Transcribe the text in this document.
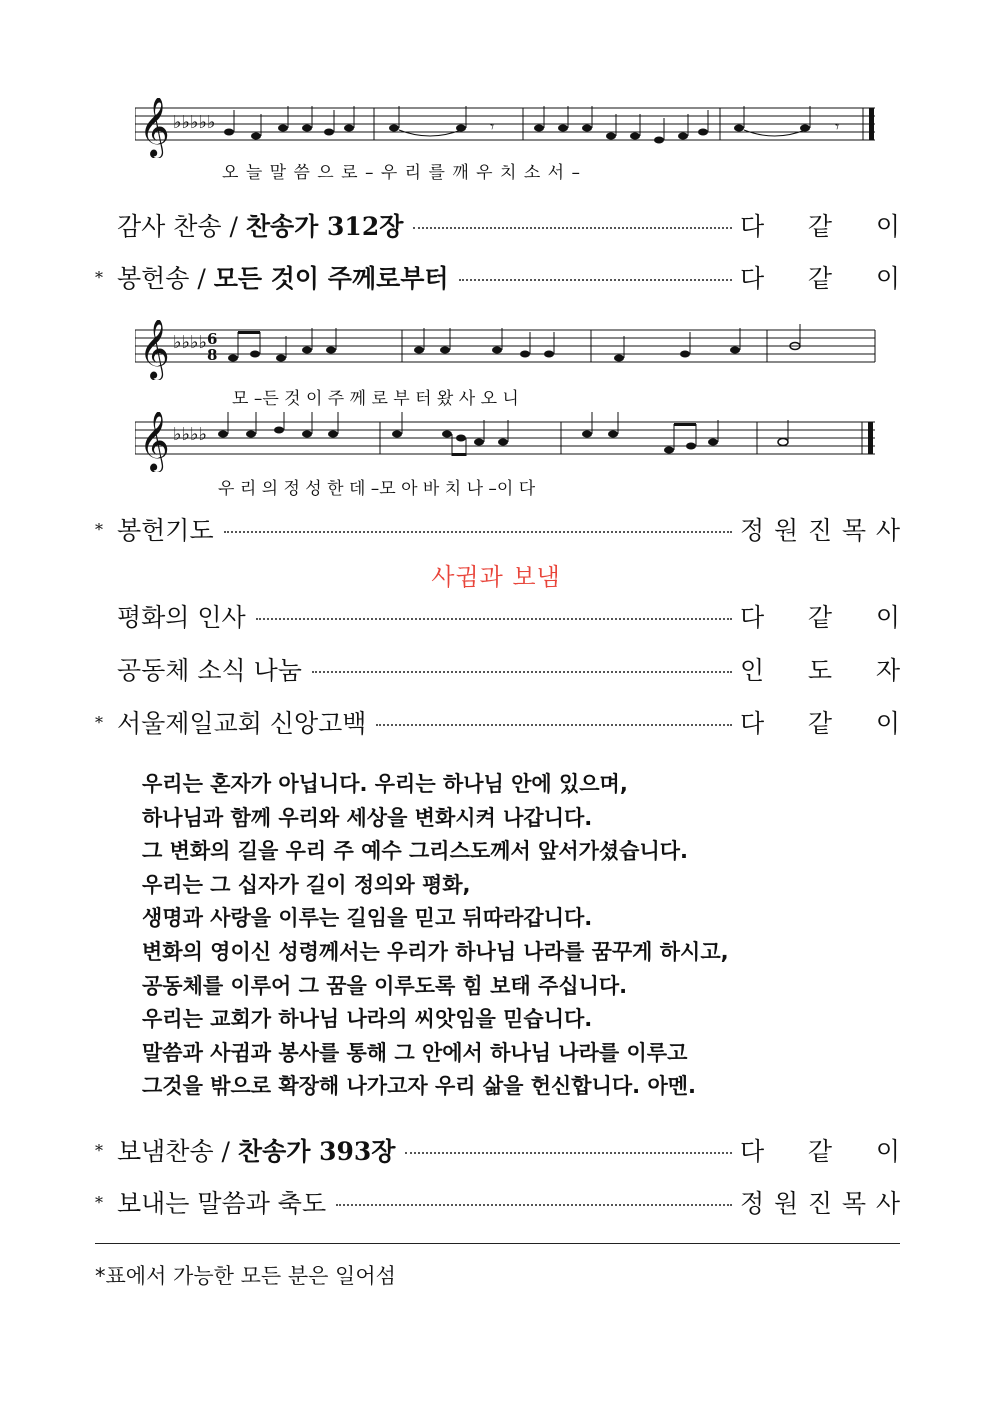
𝄞 ♭♭♭♭♭	𝄾	𝄾
오 늘 말 씀 으 로 – 우 리 를 깨 우 치 소 서 –
감사 찬송 / 찬송가 312장	다 같 이
* 봉헌송 / 모든 것이 주께로부터	다 같 이
𝄞 ♭♭♭♭ 6
8
모 –든 것 이 주 께 로 부 터 왔 사 오 니
𝄞 ♭♭♭♭
우 리 의 정 성 한 데 –모 아 바 치 나 –이 다
* 봉헌기도	정 원 진 목 사
사귐과 보냄
평화의 인사	다 같 이
공동체 소식 나눔	인 도 자
* 서울제일교회 신앙고백	다 같 이
우리는 혼자가 아닙니다. 우리는 하나님 안에 있으며,
하나님과 함께 우리와 세상을 변화시켜 나갑니다.
그 변화의 길을 우리 주 예수 그리스도께서 앞서가셨습니다.
우리는 그 십자가 길이 정의와 평화,
생명과 사랑을 이루는 길임을 믿고 뒤따라갑니다.
변화의 영이신 성령께서는 우리가 하나님 나라를 꿈꾸게 하시고,
공동체를 이루어 그 꿈을 이루도록 힘 보태 주십니다.
우리는 교회가 하나님 나라의 씨앗임을 믿습니다.
말씀과 사귐과 봉사를 통해 그 안에서 하나님 나라를 이루고
그것을 밖으로 확장해 나가고자 우리 삶을 헌신합니다. 아멘.
* 보냄찬송 / 찬송가 393장	다 같 이
* 보내는 말씀과 축도	정 원 진 목 사
*표에서 가능한 모든 분은 일어섬
